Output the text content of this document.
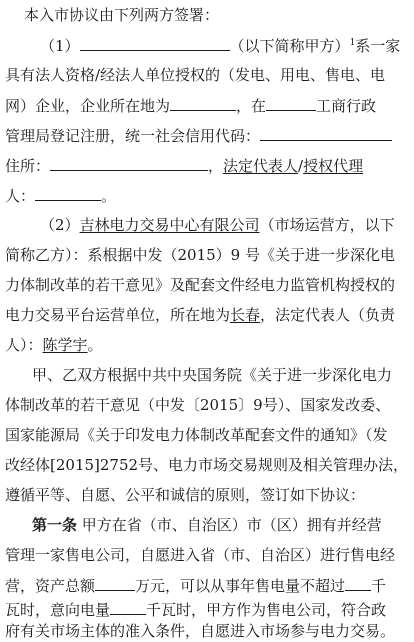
本入市协议由下列两方签署：
（1）	（以下简称甲方）$^1$系一家
具有法人资格/经法人单位授权的（发电、用电、售电、电
网）企业，企业所在地为	，在	工商行政
管理局登记注册，统一社会信用代码：
住所：	，法定代表人/授权代理
人：	。
（2）吉林电力交易中心有限公司（市场运营方，以下
简称乙方）：系根据中发（2015）9 号《关于进一步深化电
力体制改革的若干意见》及配套文件经电力监管机构授权的
电力交易平台运营单位，所在地为长春，法定代表人（负责
人）：陈学宇。
甲、乙双方根据中共中央国务院《关于进一步深化电力
体制改革的若干意见（中发〔2015〕9号）、国家发改委、
国家能源局《关于印发电力体制改革配套文件的通知》（发
改经体[2015]2752号、电力市场交易规则及相关管理办法，
遵循平等、自愿、公平和诚信的原则，签订如下协议：
第一条 甲方在省（市、自治区）市（区）拥有并经营
管理一家售电公司，自愿进入省（市、自治区）进行售电经
营，资产总额	万元，可以从事年售电量不超过 千
瓦时，意向电量 千瓦时，甲方作为售电公司，符合政
府有关市场主体的准入条件，自愿进入市场参与电力交易。
